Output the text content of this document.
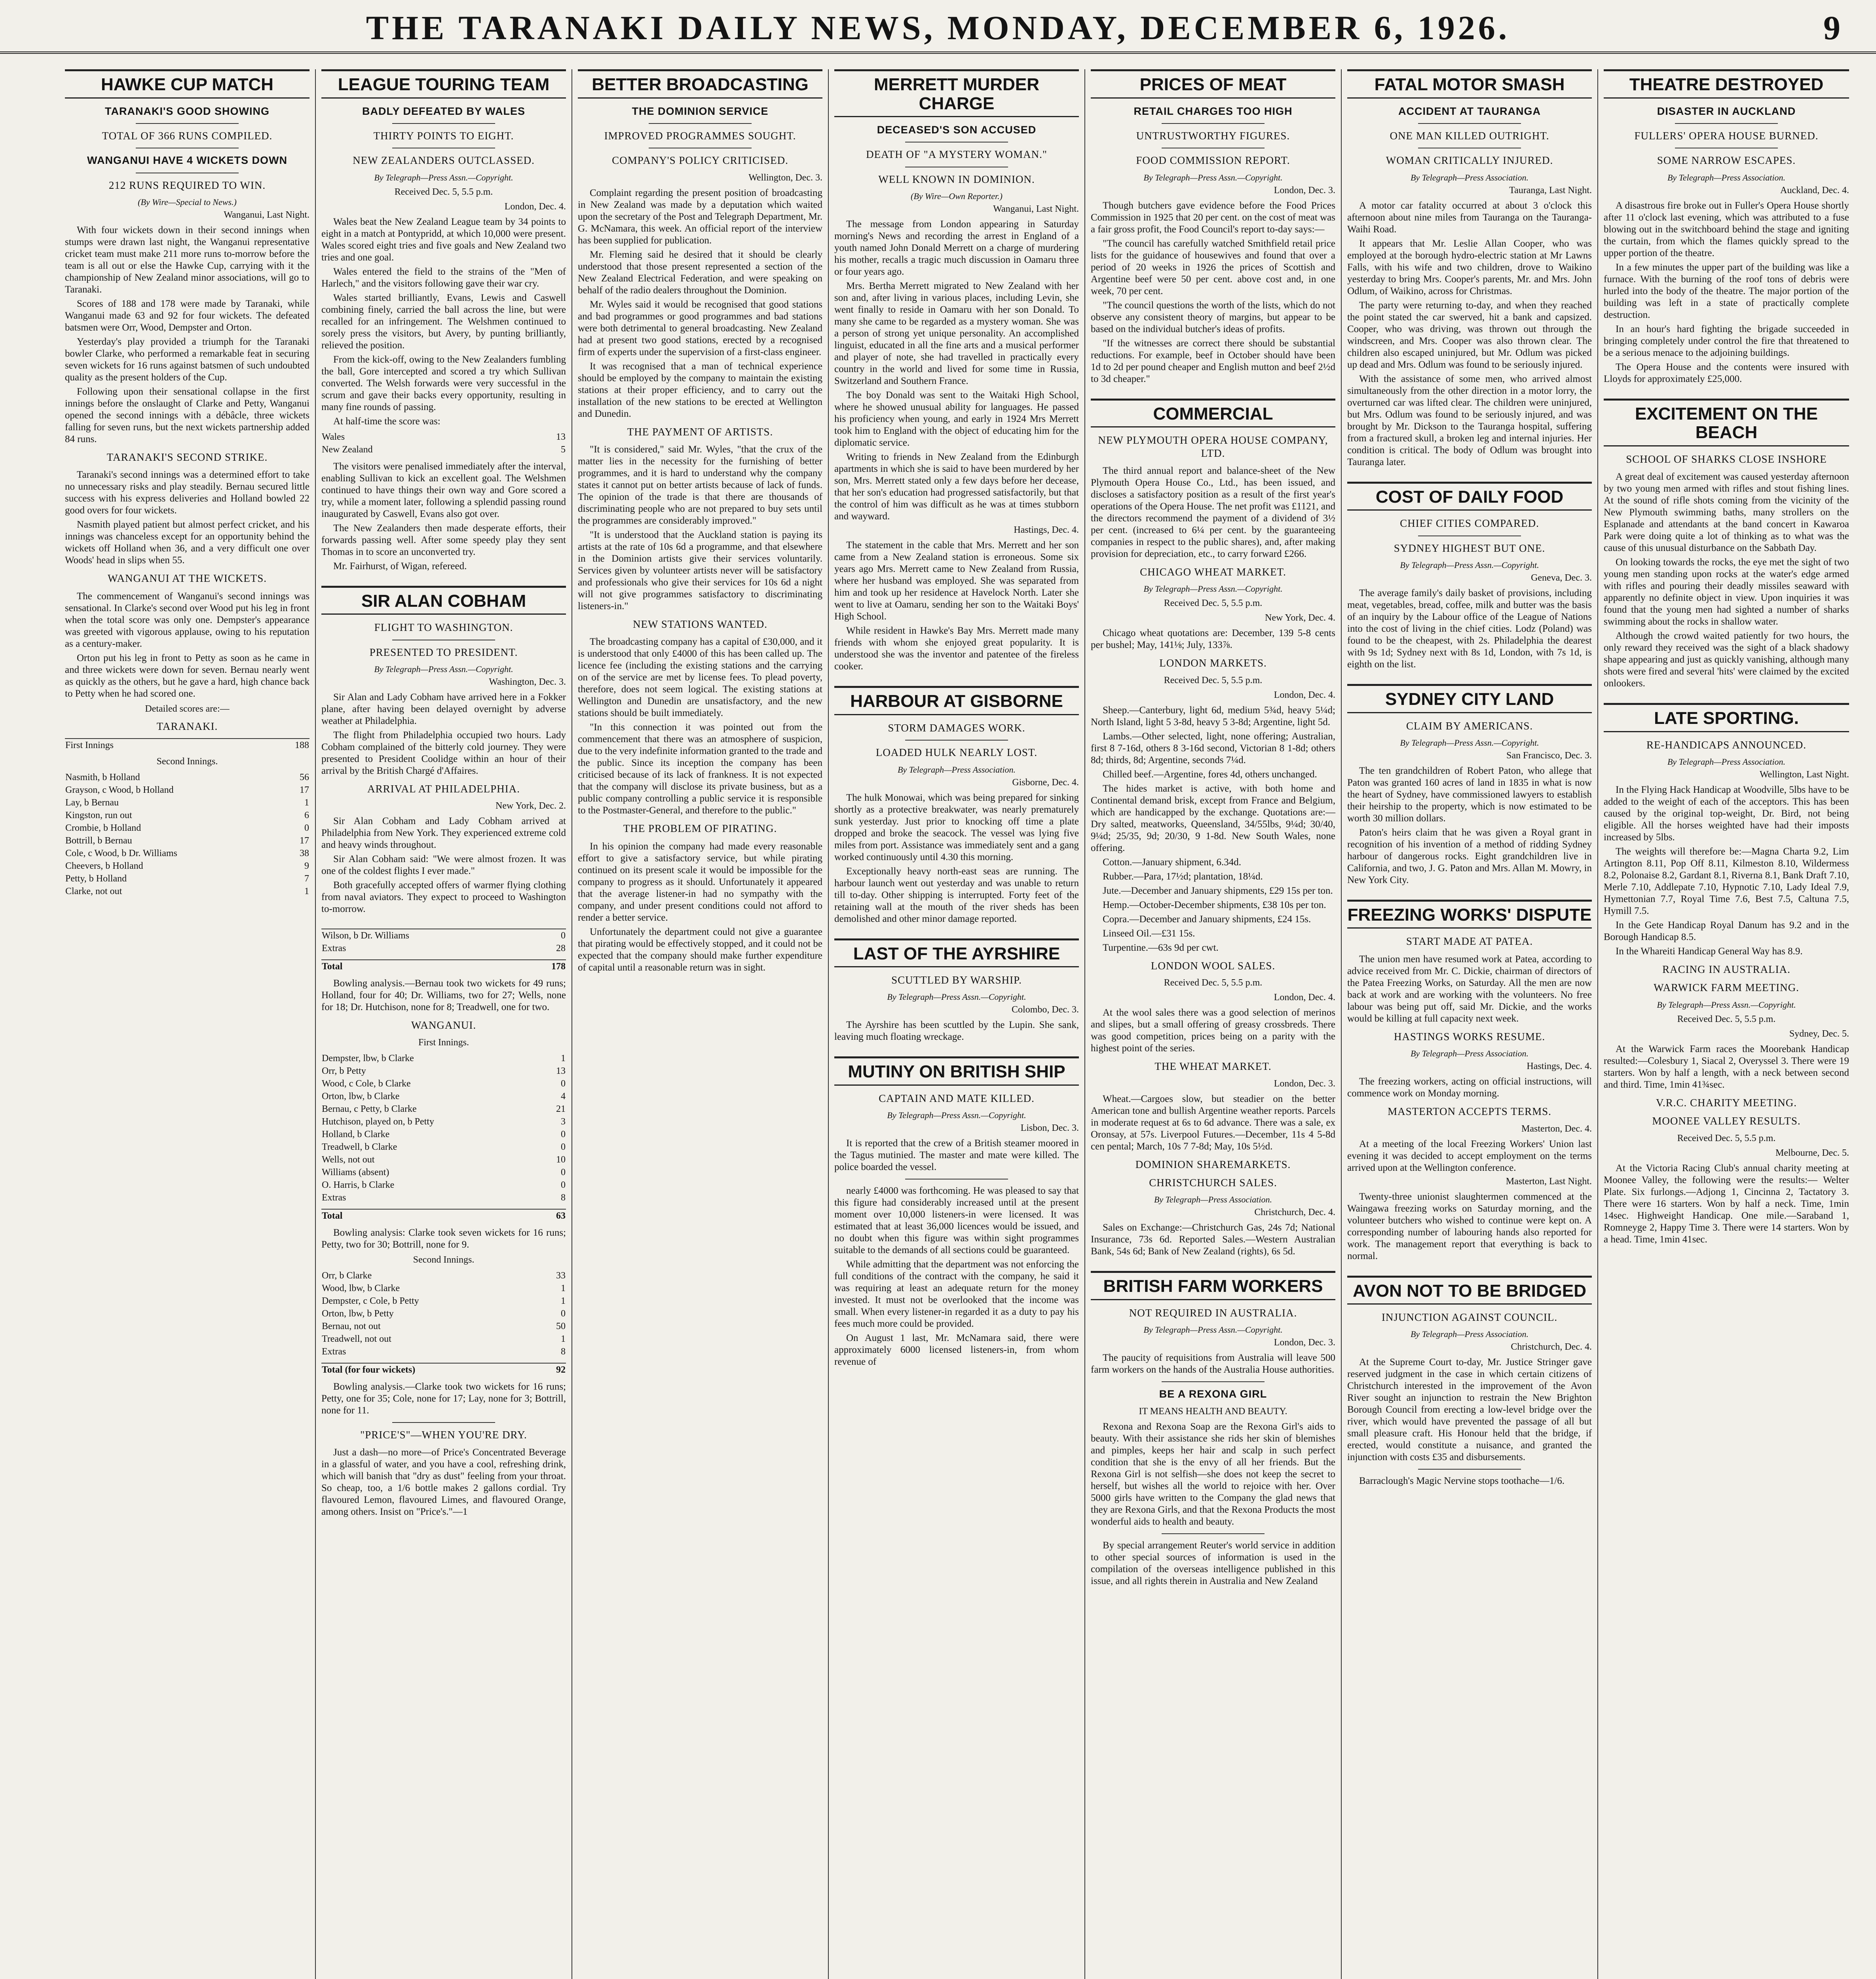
THE TARANAKI DAILY NEWS, MONDAY, DECEMBER 6, 1926.	9
HAWKE CUP MATCH
TARANAKI'S GOOD SHOWING
TOTAL OF 366 RUNS COMPILED.
WANGANUI HAVE 4 WICKETS DOWN
212 RUNS REQUIRED TO WIN.
(By Wire—Special to News.)
Wanganui, Last Night.

With four wickets down in their second innings when stumps were drawn last night, the Wanganui representative cricket team must make 211 more runs to-morrow before the team is all out or else the Hawke Cup, carrying with it the championship of New Zealand minor associations, will go to Taranaki.

Scores of 188 and 178 were made by Taranaki, while Wanganui made 63 and 92 for four wickets. The defeated batsmen were Orr, Wood, Dempster and Orton.

Yesterday's play provided a triumph for the Taranaki bowler Clarke, who performed a remarkable feat in securing seven wickets for 16 runs against batsmen of such undoubted quality as the present holders of the Cup.

Following upon their sensational collapse in the first innings before the onslaught of Clarke and Petty, Wanganui opened the second innings with a débâcle, three wickets falling for seven runs, but the next wickets partnership added 84 runs.

TARANAKI'S SECOND STRIKE.

Taranaki's second innings was a determined effort to take no unnecessary risks and play steadily. Bernau secured little success with his express deliveries and Holland bowled 22 good overs for four wickets.

Nasmith played patient but almost perfect cricket, and his innings was chanceless except for an opportunity behind the wickets off Holland when 36, and a very difficult one over Woods' head in slips when 55.

WANGANUI AT THE WICKETS.

The commencement of Wanganui's second innings was sensational. In Clarke's second over Wood put his leg in front when the total score was only one. Dempster's appearance was greeted with vigorous applause, owing to his reputation as a century-maker.

Orton put his leg in front to Petty as soon as he came in and three wickets were down for seven. Bernau nearly went as quickly as the others, but he gave a hard, high chance back to Petty when he had scored one.

Detailed scores are:—
TARANAKI.
First Innings	188
Second Innings.
Nasmith, b Holland	56
Grayson, c Wood, b Holland	17
Lay, b Bernau	1
Kingston, run out	6
Crombie, b Holland	0
Bottrill, b Bernau	17
Cole, c Wood, b Dr. Williams	38
Cheevers, b Holland	9
Petty, b Holland	7
Clarke, not out	1
LEAGUE TOURING TEAM
BADLY DEFEATED BY WALES
THIRTY POINTS TO EIGHT.
NEW ZEALANDERS OUTCLASSED.
By Telegraph—Press Assn.—Copyright.
Received Dec. 5, 5.5 p.m.
London, Dec. 4.

Wales beat the New Zealand League team by 34 points to eight in a match at Pontypridd, at which 10,000 were present. Wales scored eight tries and five goals and New Zealand two tries and one goal.

Wales entered the field to the strains of the "Men of Harlech," and the visitors following gave their war cry.

Wales started brilliantly, Evans, Lewis and Caswell combining finely, carried the ball across the line, but were recalled for an infringement. The Welshmen continued to sorely press the visitors, but Avery, by punting brilliantly, relieved the position.

From the kick-off, owing to the New Zealanders fumbling the ball, Gore intercepted and scored a try which Sullivan converted. The Welsh forwards were very successful in the scrum and gave their backs every opportunity, resulting in many fine rounds of passing.

At half-time the score was:

Wales	13
New Zealand	5

The visitors were penalised immediately after the interval, enabling Sullivan to kick an excellent goal. The Welshmen continued to have things their own way and Gore scored a try, while a moment later, following a splendid passing round inaugurated by Caswell, Evans also got over.

The New Zealanders then made desperate efforts, their forwards passing well. After some speedy play they sent Thomas in to score an unconverted try.

Mr. Fairhurst, of Wigan, refereed.

SIR ALAN COBHAM
FLIGHT TO WASHINGTON.
PRESENTED TO PRESIDENT.
By Telegraph—Press Assn.—Copyright.
Washington, Dec. 3.

Sir Alan and Lady Cobham have arrived here in a Fokker plane, after having been delayed overnight by adverse weather at Philadelphia.

The flight from Philadelphia occupied two hours. Lady Cobham complained of the bitterly cold journey. They were presented to President Coolidge within an hour of their arrival by the British Chargé d'Affaires.

ARRIVAL AT PHILADELPHIA.
New York, Dec. 2.

Sir Alan Cobham and Lady Cobham arrived at Philadelphia from New York. They experienced extreme cold and heavy winds throughout.

Sir Alan Cobham said: "We were almost frozen. It was one of the coldest flights I ever made."

Both gracefully accepted offers of warmer flying clothing from naval aviators. They expect to proceed to Washington to-morrow.

Wilson, b Dr. Williams	0
Extras	28
Total	178

Bowling analysis.—Bernau took two wickets for 49 runs; Holland, four for 40; Dr. Williams, two for 27; Wells, none for 18; Dr. Hutchison, none for 8; Treadwell, one for two.

WANGANUI.
First Innings.
Dempster, lbw, b Clarke	1
Orr, b Petty	13
Wood, c Cole, b Clarke	0
Orton, lbw, b Clarke	4
Bernau, c Petty, b Clarke	21
Hutchison, played on, b Petty	3
Holland, b Clarke	0
Treadwell, b Clarke	0
Wells, not out	10
Williams (absent)	0
O. Harris, b Clarke	0
Extras	8
Total	63

Bowling analysis: Clarke took seven wickets for 16 runs; Petty, two for 30; Bottrill, none for 9.

Second Innings.
Orr, b Clarke	33
Wood, lbw, b Clarke	1
Dempster, c Cole, b Petty	1
Orton, lbw, b Petty	0
Bernau, not out	50
Treadwell, not out	1
Extras	8
Total (for four wickets)	92

Bowling analysis.—Clarke took two wickets for 16 runs; Petty, one for 35; Cole, none for 17; Lay, none for 3; Bottrill, none for 11.

"PRICE'S"—WHEN YOU'RE DRY.

Just a dash—no more—of Price's Concentrated Beverage in a glassful of water, and you have a cool, refreshing drink, which will banish that "dry as dust" feeling from your throat. So cheap, too, a 1/6 bottle makes 2 gallons cordial. Try flavoured Lemon, flavoured Limes, and flavoured Orange, among others. Insist on "Price's."—1

BETTER BROADCASTING
THE DOMINION SERVICE
IMPROVED PROGRAMMES SOUGHT.
COMPANY'S POLICY CRITICISED.
Wellington, Dec. 3.

Complaint regarding the present position of broadcasting in New Zealand was made by a deputation which waited upon the secretary of the Post and Telegraph Department, Mr. G. McNamara, this week. An official report of the interview has been supplied for publication.

Mr. Fleming said he desired that it should be clearly understood that those present represented a section of the New Zealand Electrical Federation, and were speaking on behalf of the radio dealers throughout the Dominion.

Mr. Wyles said it would be recognised that good stations and bad programmes or good programmes and bad stations were both detrimental to general broadcasting. New Zealand had at present two good stations, erected by a recognised firm of experts under the supervision of a first-class engineer.

It was recognised that a man of technical experience should be employed by the company to maintain the existing stations at their proper efficiency, and to carry out the installation of the new stations to be erected at Wellington and Dunedin.

THE PAYMENT OF ARTISTS.

"It is considered," said Mr. Wyles, "that the crux of the matter lies in the necessity for the furnishing of better programmes, and it is hard to understand why the company states it cannot put on better artists because of lack of funds. The opinion of the trade is that there are thousands of discriminating people who are not prepared to buy sets until the programmes are considerably improved."

"It is understood that the Auckland station is paying its artists at the rate of 10s 6d a programme, and that elsewhere in the Dominion artists give their services voluntarily. Services given by volunteer artists never will be satisfactory and professionals who give their services for 10s 6d a night will not give programmes satisfactory to discriminating listeners-in."

NEW STATIONS WANTED.

The broadcasting company has a capital of £30,000, and it is understood that only £4000 of this has been called up. The licence fee (including the existing stations and the carrying on of the service are met by license fees. To plead poverty, therefore, does not seem logical. The existing stations at Wellington and Dunedin are unsatisfactory, and the new stations should be built immediately.

"In this connection it was pointed out from the commencement that there was an atmosphere of suspicion, due to the very indefinite information granted to the trade and the public. Since its inception the company has been criticised because of its lack of frankness. It is not expected that the company will disclose its private business, but as a public company controlling a public service it is responsible to the Postmaster-General, and therefore to the public."

THE PROBLEM OF PIRATING.

In his opinion the company had made every reasonable effort to give a satisfactory service, but while pirating continued on its present scale it would be impossible for the company to progress as it should. Unfortunately it appeared that the average listener-in had no sympathy with the company, and under present conditions could not afford to render a better service.

Unfortunately the department could not give a guarantee that pirating would be effectively stopped, and it could not be expected that the company should make further expenditure of capital until a reasonable return was in sight.

MERRETT MURDER CHARGE
DECEASED'S SON ACCUSED
DEATH OF "A MYSTERY WOMAN."
WELL KNOWN IN DOMINION.
(By Wire—Own Reporter.)
Wanganui, Last Night.

The message from London appearing in Saturday morning's News and recording the arrest in England of a youth named John Donald Merrett on a charge of murdering his mother, recalls a tragic much discussion in Oamaru three or four years ago.

Mrs. Bertha Merrett migrated to New Zealand with her son and, after living in various places, including Levin, she went finally to reside in Oamaru with her son Donald. To many she came to be regarded as a mystery woman. She was a person of strong yet unique personality. An accomplished linguist, educated in all the fine arts and a musical performer and player of note, she had travelled in practically every country in the world and lived for some time in Russia, Switzerland and Southern France.

The boy Donald was sent to the Waitaki High School, where he showed unusual ability for languages. He passed his proficiency when young, and early in 1924 Mrs Merrett took him to England with the object of educating him for the diplomatic service.

Writing to friends in New Zealand from the Edinburgh apartments in which she is said to have been murdered by her son, Mrs. Merrett stated only a few days before her decease, that her son's education had progressed satisfactorily, but that the control of him was difficult as he was at times stubborn and wayward.

Hastings, Dec. 4.

The statement in the cable that Mrs. Merrett and her son came from a New Zealand station is erroneous. Some six years ago Mrs. Merrett came to New Zealand from Russia, where her husband was employed. She was separated from him and took up her residence at Havelock North. Later she went to live at Oamaru, sending her son to the Waitaki Boys' High School.

While resident in Hawke's Bay Mrs. Merrett made many friends with whom she enjoyed great popularity. It is understood she was the inventor and patentee of the fireless cooker.

HARBOUR AT GISBORNE
STORM DAMAGES WORK.
LOADED HULK NEARLY LOST.
By Telegraph—Press Association.
Gisborne, Dec. 4.

The hulk Monowai, which was being prepared for sinking shortly as a protective breakwater, was nearly prematurely sunk yesterday. Just prior to knocking off time a plate dropped and broke the seacock. The vessel was lying five miles from port. Assistance was immediately sent and a gang worked continuously until 4.30 this morning.

Exceptionally heavy north-east seas are running. The harbour launch went out yesterday and was unable to return till to-day. Other shipping is interrupted. Forty feet of the retaining wall at the mouth of the river sheds has been demolished and other minor damage reported.

LAST OF THE AYRSHIRE
SCUTTLED BY WARSHIP.
By Telegraph—Press Assn.—Copyright.
Colombo, Dec. 3.

The Ayrshire has been scuttled by the Lupin. She sank, leaving much floating wreckage.

MUTINY ON BRITISH SHIP
CAPTAIN AND MATE KILLED.
By Telegraph—Press Assn.—Copyright.
Lisbon, Dec. 3.

It is reported that the crew of a British steamer moored in the Tagus mutinied. The master and mate were killed. The police boarded the vessel.

nearly £4000 was forthcoming. He was pleased to say that this figure had considerably increased until at the present moment over 10,000 listeners-in were licensed. It was estimated that at least 36,000 licences would be issued, and no doubt when this figure was within sight programmes suitable to the demands of all sections could be guaranteed.

While admitting that the department was not enforcing the full conditions of the contract with the company, he said it was requiring at least an adequate return for the money invested. It must not be overlooked that the income was small. When every listener-in regarded it as a duty to pay his fees much more could be provided.

On August 1 last, Mr. McNamara said, there were approximately 6000 licensed listeners-in, from whom revenue of

PRICES OF MEAT
RETAIL CHARGES TOO HIGH
UNTRUSTWORTHY FIGURES.
FOOD COMMISSION REPORT.
By Telegraph—Press Assn.—Copyright.
London, Dec. 3.

Though butchers gave evidence before the Food Prices Commission in 1925 that 20 per cent. on the cost of meat was a fair gross profit, the Food Council's report to-day says:—

"The council has carefully watched Smithfield retail price lists for the guidance of housewives and found that over a period of 20 weeks in 1926 the prices of Scottish and Argentine beef were 50 per cent. above cost and, in one week, 70 per cent.

"The council questions the worth of the lists, which do not observe any consistent theory of margins, but appear to be based on the individual butcher's ideas of profits.

"If the witnesses are correct there should be substantial reductions. For example, beef in October should have been 1d to 2d per pound cheaper and English mutton and beef 2½d to 3d cheaper."

COMMERCIAL
NEW PLYMOUTH OPERA HOUSE COMPANY, LTD.

The third annual report and balance-sheet of the New Plymouth Opera House Co., Ltd., has been issued, and discloses a satisfactory position as a result of the first year's operations of the Opera House. The net profit was £1121, and the directors recommend the payment of a dividend of 3½ per cent. (increased to 6¼ per cent. by the guaranteeing companies in respect to the public shares), and, after making provision for depreciation, etc., to carry forward £266.

CHICAGO WHEAT MARKET.
By Telegraph—Press Assn.—Copyright.
Received Dec. 5, 5.5 p.m.
New York, Dec. 4.

Chicago wheat quotations are: December, 139 5-8 cents per bushel; May, 141⅛; July, 133⅞.

LONDON MARKETS.
Received Dec. 5, 5.5 p.m.
London, Dec. 4.

Sheep.—Canterbury, light 6d, medium 5¾d, heavy 5¼d; North Island, light 5 3-8d, heavy 5 3-8d; Argentine, light 5d.

Lambs.—Other selected, light, none offering; Australian, first 8 7-16d, others 8 3-16d second, Victorian 8 1-8d; others 8d; thirds, 8d; Argentine, seconds 7¼d.

Chilled beef.—Argentine, fores 4d, others unchanged.

The hides market is active, with both home and Continental demand brisk, except from France and Belgium, which are handicapped by the exchange. Quotations are:—Dry salted, meatworks, Queensland, 34/55lbs, 9¼d; 30/40, 9¼d; 25/35, 9d; 20/30, 9 1-8d. New South Wales, none offering.

Cotton.—January shipment, 6.34d.

Rubber.—Para, 17½d; plantation, 18¼d.

Jute.—December and January shipments, £29 15s per ton.

Hemp.—October-December shipments, £38 10s per ton.

Copra.—December and January shipments, £24 15s.

Linseed Oil.—£31 15s.

Turpentine.—63s 9d per cwt.

LONDON WOOL SALES.
Received Dec. 5, 5.5 p.m.
London, Dec. 4.

At the wool sales there was a good selection of merinos and slipes, but a small offering of greasy crossbreds. There was good competition, prices being on a parity with the highest point of the series.

THE WHEAT MARKET.
London, Dec. 3.

Wheat.—Cargoes slow, but steadier on the better American tone and bullish Argentine weather reports. Parcels in moderate request at 6s to 6d advance. There was a sale, ex Oronsay, at 57s. Liverpool Futures.—December, 11s 4 5-8d cen pental; March, 10s 7 7-8d; May, 10s 5½d.

DOMINION SHAREMARKETS.
CHRISTCHURCH SALES.
By Telegraph—Press Association.
Christchurch, Dec. 4.

Sales on Exchange:—Christchurch Gas, 24s 7d; National Insurance, 73s 6d. Reported Sales.—Western Australian Bank, 54s 6d; Bank of New Zealand (rights), 6s 5d.

BRITISH FARM WORKERS
NOT REQUIRED IN AUSTRALIA.
By Telegraph—Press Assn.—Copyright.
London, Dec. 3.

The paucity of requisitions from Australia will leave 500 farm workers on the hands of the Australia House authorities.

BE A REXONA GIRL
IT MEANS HEALTH AND BEAUTY.

Rexona and Rexona Soap are the Rexona Girl's aids to beauty. With their assistance she rids her skin of blemishes and pimples, keeps her hair and scalp in such perfect condition that she is the envy of all her friends. But the Rexona Girl is not selfish—she does not keep the secret to herself, but wishes all the world to rejoice with her. Over 5000 girls have written to the Company the glad news that they are Rexona Girls, and that the Rexona Products the most wonderful aids to health and beauty.

By special arrangement Reuter's world service in addition to other special sources of information is used in the compilation of the overseas intelligence published in this issue, and all rights therein in Australia and New Zealand

FATAL MOTOR SMASH
ACCIDENT AT TAURANGA
ONE MAN KILLED OUTRIGHT.
WOMAN CRITICALLY INJURED.
By Telegraph—Press Association.
Tauranga, Last Night.

A motor car fatality occurred at about 3 o'clock this afternoon about nine miles from Tauranga on the Tauranga-Waihi Road.

It appears that Mr. Leslie Allan Cooper, who was employed at the borough hydro-electric station at Mr Lawns Falls, with his wife and two children, drove to Waikino yesterday to bring Mrs. Cooper's parents, Mr. and Mrs. John Odlum, of Waikino, across for Christmas.

The party were returning to-day, and when they reached the point stated the car swerved, hit a bank and capsized. Cooper, who was driving, was thrown out through the windscreen, and Mrs. Cooper was also thrown clear. The children also escaped uninjured, but Mr. Odlum was picked up dead and Mrs. Odlum was found to be seriously injured.

With the assistance of some men, who arrived almost simultaneously from the other direction in a motor lorry, the overturned car was lifted clear. The children were uninjured, but Mrs. Odlum was found to be seriously injured, and was brought by Mr. Dickson to the Tauranga hospital, suffering from a fractured skull, a broken leg and internal injuries. Her condition is critical. The body of Odlum was brought into Tauranga later.

COST OF DAILY FOOD
CHIEF CITIES COMPARED.
SYDNEY HIGHEST BUT ONE.
By Telegraph—Press Assn.—Copyright.
Geneva, Dec. 3.

The average family's daily basket of provisions, including meat, vegetables, bread, coffee, milk and butter was the basis of an inquiry by the Labour office of the League of Nations into the cost of living in the chief cities. Lodz (Poland) was found to be the cheapest, with 2s. Philadelphia the dearest with 9s 1d; Sydney next with 8s 1d, London, with 7s 1d, is eighth on the list.

SYDNEY CITY LAND
CLAIM BY AMERICANS.
By Telegraph—Press Assn.—Copyright.
San Francisco, Dec. 3.

The ten grandchildren of Robert Paton, who allege that Paton was granted 160 acres of land in 1835 in what is now the heart of Sydney, have commissioned lawyers to establish their heirship to the property, which is now estimated to be worth 30 million dollars.

Paton's heirs claim that he was given a Royal grant in recognition of his invention of a method of ridding Sydney harbour of dangerous rocks. Eight grandchildren live in California, and two, J. G. Paton and Mrs. Allan M. Mowry, in New York City.

FREEZING WORKS' DISPUTE
START MADE AT PATEA.

The union men have resumed work at Patea, according to advice received from Mr. C. Dickie, chairman of directors of the Patea Freezing Works, on Saturday. All the men are now back at work and are working with the volunteers. No free labour was being put off, said Mr. Dickie, and the works would be killing at full capacity next week.

HASTINGS WORKS RESUME.
By Telegraph—Press Association.
Hastings, Dec. 4.

The freezing workers, acting on official instructions, will commence work on Monday morning.

MASTERTON ACCEPTS TERMS.
Masterton, Dec. 4.

At a meeting of the local Freezing Workers' Union last evening it was decided to accept employment on the terms arrived upon at the Wellington conference.

Masterton, Last Night.

Twenty-three unionist slaughtermen commenced at the Waingawa freezing works on Saturday morning, and the volunteer butchers who wished to continue were kept on. A corresponding number of labouring hands also reported for work. The management report that everything is back to normal.

AVON NOT TO BE BRIDGED
INJUNCTION AGAINST COUNCIL.
By Telegraph—Press Association.
Christchurch, Dec. 4.

At the Supreme Court to-day, Mr. Justice Stringer gave reserved judgment in the case in which certain citizens of Christchurch interested in the improvement of the Avon River sought an injunction to restrain the New Brighton Borough Council from erecting a low-level bridge over the river, which would have prevented the passage of all but small pleasure craft. His Honour held that the bridge, if erected, would constitute a nuisance, and granted the injunction with costs £35 and disbursements.

Barraclough's Magic Nervine stops toothache—1/6.

THEATRE DESTROYED
DISASTER IN AUCKLAND
FULLERS' OPERA HOUSE BURNED.
SOME NARROW ESCAPES.
By Telegraph—Press Association.
Auckland, Dec. 4.

A disastrous fire broke out in Fuller's Opera House shortly after 11 o'clock last evening, which was attributed to a fuse blowing out in the switchboard behind the stage and igniting the curtain, from which the flames quickly spread to the upper portion of the theatre.

In a few minutes the upper part of the building was like a furnace. With the burning of the roof tons of debris were hurled into the body of the theatre. The major portion of the building was left in a state of practically complete destruction.

In an hour's hard fighting the brigade succeeded in bringing completely under control the fire that threatened to be a serious menace to the adjoining buildings.

The Opera House and the contents were insured with Lloyds for approximately £25,000.

EXCITEMENT ON THE BEACH
SCHOOL OF SHARKS CLOSE INSHORE

A great deal of excitement was caused yesterday afternoon by two young men armed with rifles and stout fishing lines. At the sound of rifle shots coming from the vicinity of the New Plymouth swimming baths, many strollers on the Esplanade and attendants at the band concert in Kawaroa Park were doing quite a lot of thinking as to what was the cause of this unusual disturbance on the Sabbath Day.

On looking towards the rocks, the eye met the sight of two young men standing upon rocks at the water's edge armed with rifles and pouring their deadly missiles seaward with apparently no definite object in view. Upon inquiries it was found that the young men had sighted a number of sharks swimming about the rocks in shallow water.

Although the crowd waited patiently for two hours, the only reward they received was the sight of a black shadowy shape appearing and just as quickly vanishing, although many shots were fired and several 'hits' were claimed by the excited onlookers.

LATE SPORTING.
RE-HANDICAPS ANNOUNCED.
By Telegraph—Press Association.
Wellington, Last Night.

In the Flying Hack Handicap at Woodville, 5lbs have to be added to the weight of each of the acceptors. This has been caused by the original top-weight, Dr. Bird, not being eligible. All the horses weighted have had their imposts increased by 5lbs.

The weights will therefore be:—Magna Charta 9.2, Lim Artington 8.11, Pop Off 8.11, Kilmeston 8.10, Wildermess 8.2, Polonaise 8.2, Gardant 8.1, Riverna 8.1, Bank Draft 7.10, Merle 7.10, Addlepate 7.10, Hypnotic 7.10, Lady Ideal 7.9, Hymettonian 7.7, Royal Time 7.6, Best 7.5, Caltuna 7.5, Hymill 7.5.

In the Gete Handicap Royal Danum has 9.2 and in the Borough Handicap 8.5.

In the Whareiti Handicap General Way has 8.9.

RACING IN AUSTRALIA.
WARWICK FARM MEETING.
By Telegraph—Press Assn.—Copyright.
Received Dec. 5, 5.5 p.m.
Sydney, Dec. 5.

At the Warwick Farm races the Moorebank Handicap resulted:—Colesbury 1, Siacal 2, Overyssel 3. There were 19 starters. Won by half a length, with a neck between second and third. Time, 1min 41¾sec.

V.R.C. CHARITY MEETING.
MOONEE VALLEY RESULTS.
Received Dec. 5, 5.5 p.m.
Melbourne, Dec. 5.

At the Victoria Racing Club's annual charity meeting at Moonee Valley, the following were the results:— Welter Plate. Six furlongs.—Adjong 1, Cincinna 2, Tactatory 3. There were 16 starters. Won by half a neck. Time, 1min 14sec. Highweight Handicap. One mile.—Saraband 1, Romneyge 2, Happy Time 3. There were 14 starters. Won by a head. Time, 1min 41sec.
